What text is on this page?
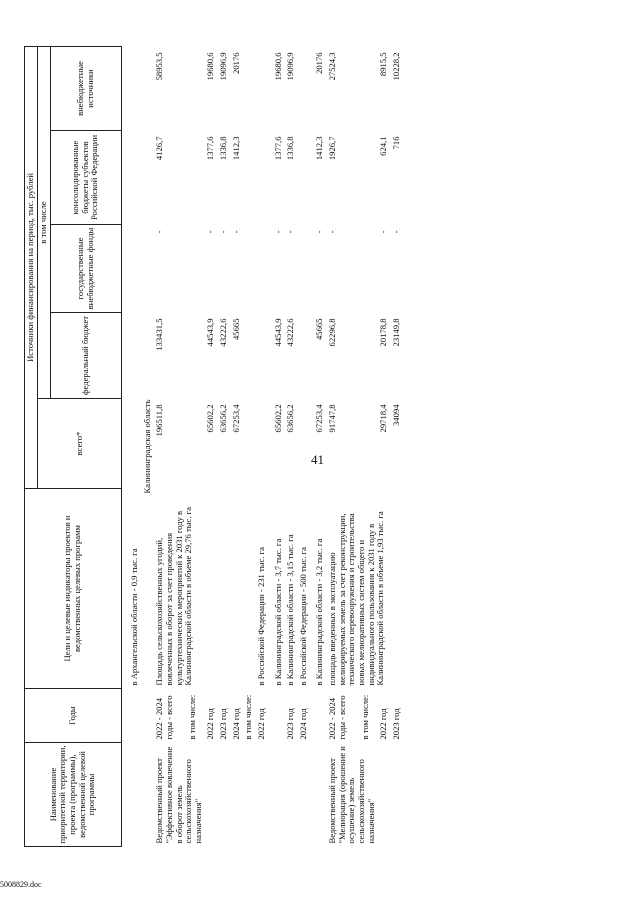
41
5008829.doc
Наименование приоритетной территории, проекта (программы), ведомственной целевой программы	Годы	Цели и целевые индикаторы проектов и ведомственных целевых программ	Источники финансирования на период, тыс. рублей				
			всего*	в том числе			
				федеральный бюджет	государственные внебюджетные фонды	консолидированные бюджеты субъектов Российской Федерации	внебюджетные источники
		в Архангельской области - 0,9 тыс. га					
Калининградская область							
Ведомственный проект "Эффективное вовлечение в оборот земель сельскохозяйственного назначения"	2022 - 2024 годы - всего	Площадь сельскохозяйственных угодий, вовлеченных в оборот за счет проведения культуртехнических мероприятий к 2031 году в Калининградской области в объеме 29,76 тыс. га	196511,8	133431,5	-	4126,7	58953,5
	в том числе:						
	2022 год		65602,2	44543,9	-	1377,6	19680,6
	2023 год		63656,2	43222,6	-	1336,8	19096,9
	2024 год		67253,4	45665	-	1412,3	20176
	в том числе:						
	2022 год	в Российской Федерации - 231 тыс. га в Калининградской области - 3,7 тыс. га	65602,2	44543,9	-	1377,6	19680,6
	2023 год	в Калининградской области - 3,15 тыс. га	63656,2	43222,6	-	1336,8	19096,9
	2024 год	в Российской Федерации - 500 тыс. га в Калининградской области - 3,2 тыс. га	67253,4	45665	-	1412,3	20176
Ведомственный проект "Мелиорация (орошение и осушение) земель сельскохозяйственного назначения"	2022 - 2024 годы - всего	площадь введенных в эксплуатацию мелиорируемых земель за счет реконструкции, технического перевооружения и строительства новых мелиоративных систем общего и индивидуального пользования к 2031 году в Калининградской области в объеме 1,93 тыс. га	91747,8	62296,8	-	1926,7	27524,3
	в том числе:						
	2022 год		29718,4	20178,8	-	624,1	8915,5
	2023 год		34094	23149,8	-	716	10228,2
